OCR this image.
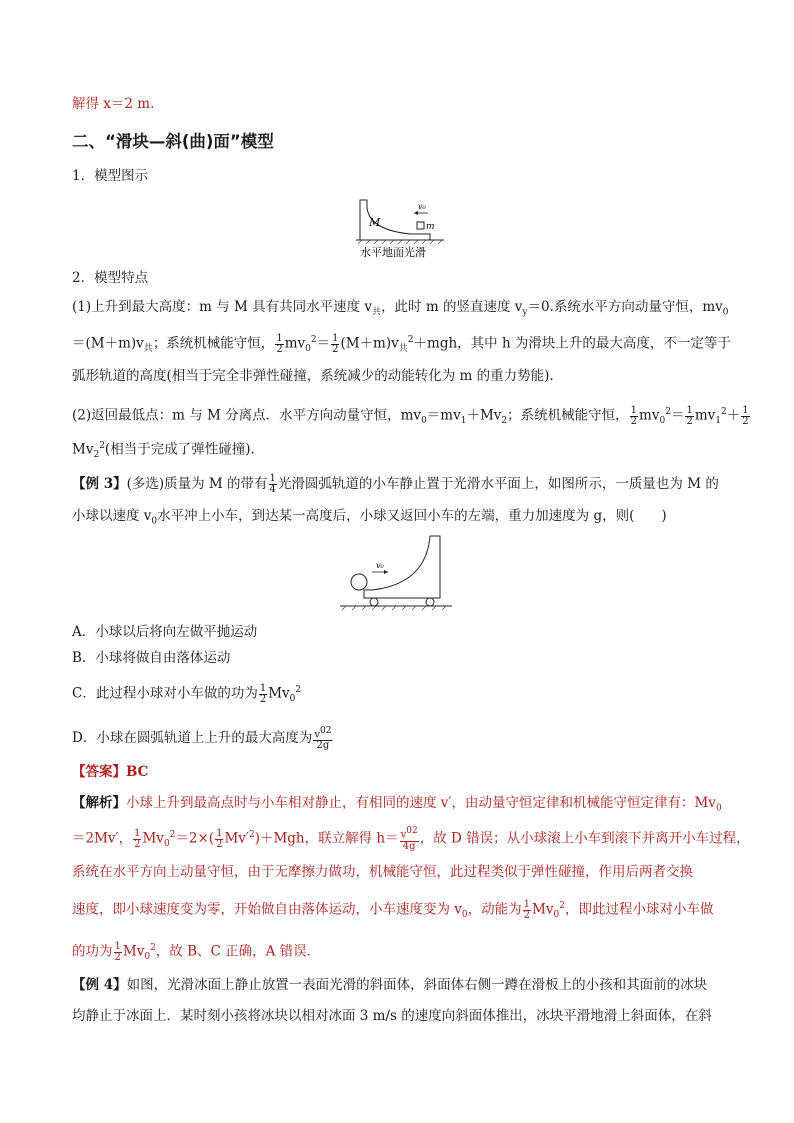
解得 x＝2 m.
二、“滑块—斜(曲)面”模型
1．模型图示
v₀
m
M
水平地面光滑
2．模型特点
(1)上升到最大高度：m 与 M 具有共同水平速度 $v_共$，此时 m 的竖直速度 $v_y=0$.系统水平方向动量守恒，$mv_0$
$=(M+m)v_共$；系统机械能守恒， $\frac{1}{2} mv_0^2= \frac{1}{2} (M+m)v_共^2+mgh$，其中 h 为滑块上升的最大高度，不一定等于
弧形轨道的高度(相当于完全非弹性碰撞，系统减少的动能转化为 m 的重力势能).
(2)返回最低点：m 与 M 分离点．水平方向动量守恒，$mv_0=mv_1+Mv_2$；系统机械能守恒， $\frac{1}{2} mv_0^2= \frac{1}{2} mv_1^2+ \frac{1}{2}$
$Mv_2^2$(相当于完成了弹性碰撞).
【例 3】(多选)质量为 M 的带有 $\frac{1}{4}$ 光滑圆弧轨道的小车静止置于光滑水平面上，如图所示，一质量也为 M 的
小球以速度 $v_0$水平冲上小车，到达某一高度后，小球又返回小车的左端，重力加速度为 g，则(　　)
v₀
A．小球以后将向左做平抛运动
B．小球将做自由落体运动
C．此过程小球对小车做的功为 $\frac{1}{2} Mv_0^2$
D．小球在圆弧轨道上上升的最大高度为 $\frac{v^{02}}{2g}$
【答案】BC
【解析】小球上升到最高点时与小车相对静止，有相同的速度 v′，由动量守恒定律和机械能守恒定律有：$Mv_0$
＝2Mv′， $\frac{1}{2} Mv_0^2=2\times( \frac{1}{2} Mv'^2)+Mgh$，联立解得 $h= \frac{v^{02}}{4g}$ ，故 D 错误；从小球滚上小车到滚下并离开小车过程，
系统在水平方向上动量守恒，由于无摩擦力做功，机械能守恒，此过程类似于弹性碰撞，作用后两者交换
速度，即小球速度变为零，开始做自由落体运动，小车速度变为 $v_0$，动能为 $\frac{1}{2} Mv_0^2$，即此过程小球对小车做
的功为 $\frac{1}{2} Mv_0^2$，故 B、C 正确，A 错误．
【例 4】如图，光滑冰面上静止放置一表面光滑的斜面体，斜面体右侧一蹲在滑板上的小孩和其面前的冰块
均静止于冰面上．某时刻小孩将冰块以相对冰面 3 m/s 的速度向斜面体推出，冰块平滑地滑上斜面体，在斜
